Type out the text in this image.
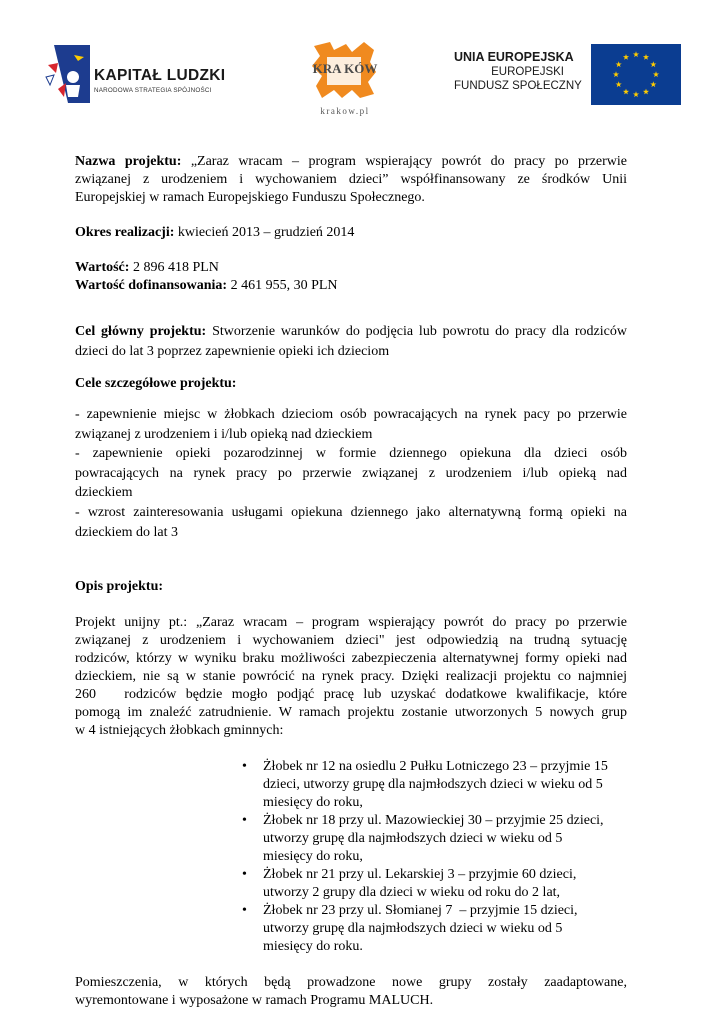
KAPITAŁ LUDZKI
NARODOWA STRATEGIA SPÓJNOŚCI
KRA KÓW
krakow.pl
UNIA EUROPEJSKA
EUROPEJSKI
FUNDUSZ SPOŁECZNY
Nazwa projektu: „Zaraz wracam – program wspierający powrót do pracy po przerwie
związanej z urodzeniem i wychowaniem dzieci” współfinansowany ze środków Unii
Europejskiej w ramach Europejskiego Funduszu Społecznego.
Okres realizacji: kwiecień 2013 – grudzień 2014
Wartość: 2 896 418 PLN
Wartość dofinansowania: 2 461 955, 30 PLN
Cel główny projektu: Stworzenie warunków do podjęcia lub powrotu do pracy dla rodziców
dzieci do lat 3 poprzez zapewnienie opieki ich dzieciom
Cele szczegółowe projektu:
- zapewnienie miejsc w żłobkach dzieciom osób powracających na rynek pacy po przerwie
związanej z urodzeniem i i/lub opieką nad dzieckiem
- zapewnienie opieki pozarodzinnej w formie dziennego opiekuna dla dzieci osób
powracających na rynek pracy po przerwie związanej z urodzeniem i/lub opieką nad
dzieckiem
- wzrost zainteresowania usługami opiekuna dziennego jako alternatywną formą opieki na
dzieckiem do lat 3
Opis projektu:
Projekt unijny pt.: „Zaraz wracam – program wspierający powrót do pracy po przerwie
związanej z urodzeniem i wychowaniem dzieci" jest odpowiedzią na trudną sytuację
rodziców, którzy w wyniku braku możliwości zabezpieczenia alternatywnej formy opieki nad
dzieckiem, nie są w stanie powrócić na rynek pracy. Dzięki realizacji projektu co najmniej
260   rodziców będzie mogło podjąć pracę lub uzyskać dodatkowe kwalifikacje, które
pomogą im znaleźć zatrudnienie. W ramach projektu zostanie utworzonych 5 nowych grup
w 4 istniejących żłobkach gminnych:
• Żłobek nr 12 na osiedlu 2 Pułku Lotniczego 23 – przyjmie 15
dzieci, utworzy grupę dla najmłodszych dzieci w wieku od 5
miesięcy do roku,
• Żłobek nr 18 przy ul. Mazowieckiej 30 – przyjmie 25 dzieci,
utworzy grupę dla najmłodszych dzieci w wieku od 5
miesięcy do roku,
• Żłobek nr 21 przy ul. Lekarskiej 3 – przyjmie 60 dzieci,
utworzy 2 grupy dla dzieci w wieku od roku do 2 lat,
• Żłobek nr 23 przy ul. Słomianej 7  – przyjmie 15 dzieci,
utworzy grupę dla najmłodszych dzieci w wieku od 5
miesięcy do roku.
Pomieszczenia, w których będą prowadzone nowe grupy zostały zaadaptowane,
wyremontowane i wyposażone w ramach Programu MALUCH.
